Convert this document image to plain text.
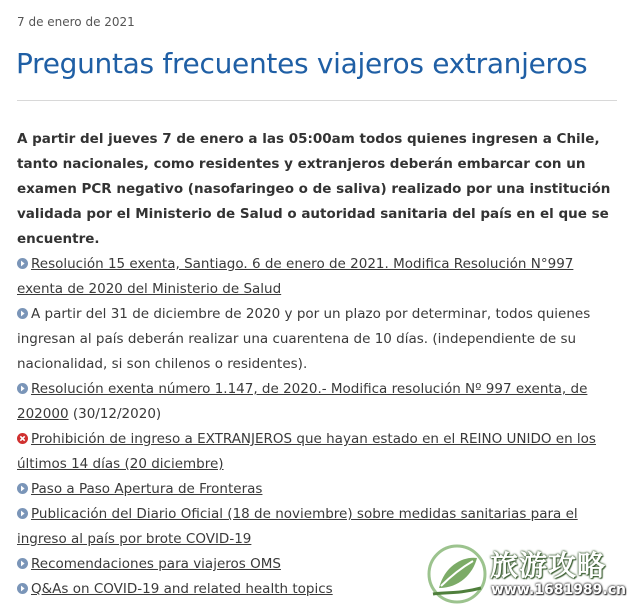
7 de enero de 2021
Preguntas frecuentes viajeros extranjeros
A partir del jueves 7 de enero a las 05:00am todos quienes ingresen a Chile, tanto nacionales, como residentes y extranjeros deberán embarcar con un examen PCR negativo (nasofaringeo o de saliva) realizado por una institución validada por el Ministerio de Salud o autoridad sanitaria del país en el que se encuentre.

Resolución 15 exenta, Santiago. 6 de enero de 2021. Modifica Resolución N°997 exenta de 2020 del Ministerio de Salud

A partir del 31 de diciembre de 2020 y por un plazo por determinar, todos quienes ingresan al país deberán realizar una cuarentena de 10 días. (independiente de su nacionalidad, si son chilenos o residentes).

Resolución exenta número 1.147, de 2020.- Modifica resolución Nº 997 exenta, de 202000 (30/12/2020)

Prohibición de ingreso a EXTRANJEROS que hayan estado en el REINO UNIDO en los últimos 14 días (20 diciembre)

Paso a Paso Apertura de Fronteras

Publicación del Diario Oficial (18 de noviembre) sobre medidas sanitarias para el ingreso al país por brote COVID-19

Recomendaciones para viajeros OMS

Q&As on COVID-19 and related health topics

旅游攻略
www.1681989.cn
